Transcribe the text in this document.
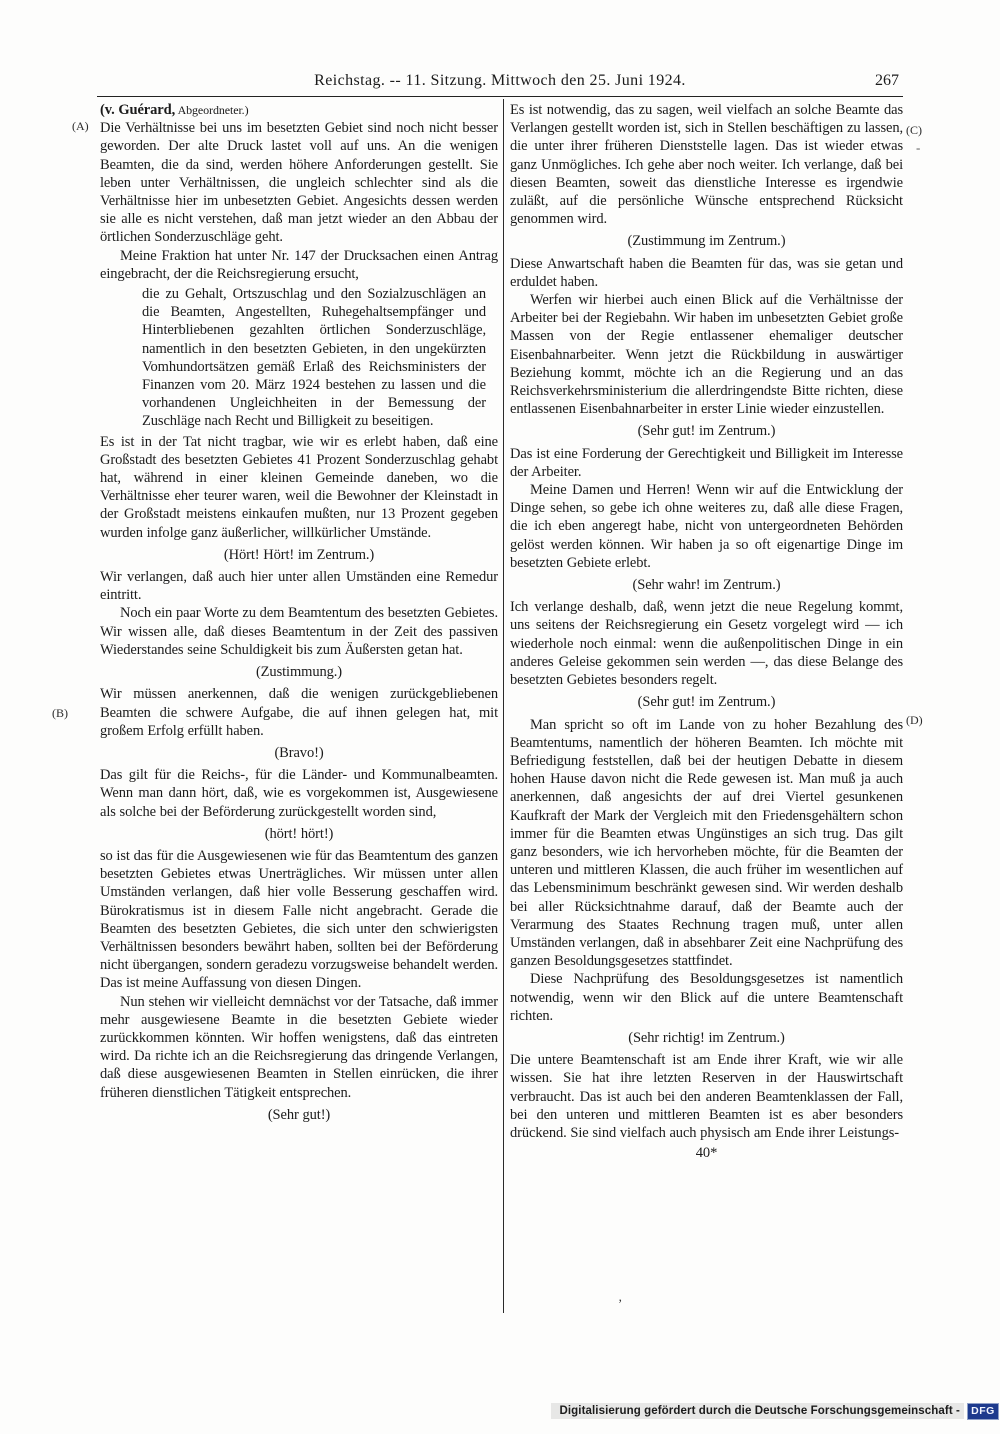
Reichstag. -- 11. Sitzung. Mittwoch den 25. Juni 1924.	267
(A)
(B)
(C)
(D)

(v. Guérard, Abgeordneter.)

Die Verhältnisse bei uns im besetzten Gebiet sind noch nicht besser geworden. Der alte Druck lastet voll auf uns. An die wenigen Beamten, die da sind, werden höhere Anforderungen gestellt. Sie leben unter Verhältnissen, die ungleich schlechter sind als die Verhältnisse hier im unbesetzten Gebiet. Angesichts dessen werden sie alle es nicht verstehen, daß man jetzt wieder an den Abbau der örtlichen Sonderzuschläge geht.

Meine Fraktion hat unter Nr. 147 der Drucksachen einen Antrag eingebracht, der die Reichsregierung ersucht,

die zu Gehalt, Ortszuschlag und den Sozialzuschlägen an die Beamten, Angestellten, Ruhegehaltsempfänger und Hinterbliebenen gezahlten örtlichen Sonderzuschläge, namentlich in den besetzten Gebieten, in den ungekürzten Vomhundortsätzen gemäß Erlaß des Reichsministers der Finanzen vom 20. März 1924 bestehen zu lassen und die vorhandenen Ungleichheiten in der Bemessung der Zuschläge nach Recht und Billigkeit zu beseitigen.

Es ist in der Tat nicht tragbar, wie wir es erlebt haben, daß eine Großstadt des besetzten Gebietes 41 Prozent Sonderzuschlag gehabt hat, während in einer kleinen Gemeinde daneben, wo die Verhältnisse eher teurer waren, weil die Bewohner der Kleinstadt in der Großstadt meistens einkaufen mußten, nur 13 Prozent gegeben wurden infolge ganz äußerlicher, willkürlicher Umstände.

(Hört! Hört! im Zentrum.)

Wir verlangen, daß auch hier unter allen Umständen eine Remedur eintritt.

Noch ein paar Worte zu dem Beamtentum des besetzten Gebietes. Wir wissen alle, daß dieses Beamtentum in der Zeit des passiven Wiederstandes seine Schuldigkeit bis zum Äußersten getan hat.

(Zustimmung.)

Wir müssen anerkennen, daß die wenigen zurückgebliebenen Beamten die schwere Aufgabe, die auf ihnen gelegen hat, mit großem Erfolg erfüllt haben.

(Bravo!)

Das gilt für die Reichs-, für die Länder- und Kommunalbeamten. Wenn man dann hört, daß, wie es vorgekommen ist, Ausgewiesene als solche bei der Beförderung zurückgestellt worden sind,

(hört! hört!)

so ist das für die Ausgewiesenen wie für das Beamtentum des ganzen besetzten Gebietes etwas Unerträgliches. Wir müssen unter allen Umständen verlangen, daß hier volle Besserung geschaffen wird. Bürokratismus ist in diesem Falle nicht angebracht. Gerade die Beamten des besetzten Gebietes, die sich unter den schwierigsten Verhältnissen besonders bewährt haben, sollten bei der Beförderung nicht übergangen, sondern geradezu vorzugsweise behandelt werden. Das ist meine Auffassung von diesen Dingen.

Nun stehen wir vielleicht demnächst vor der Tatsache, daß immer mehr ausgewiesene Beamte in die besetzten Gebiete wieder zurückkommen könnten. Wir hoffen wenigstens, daß das eintreten wird. Da richte ich an die Reichsregierung das dringende Verlangen, daß diese ausgewiesenen Beamten in Stellen einrücken, die ihrer früheren dienstlichen Tätigkeit entsprechen.

(Sehr gut!)

Es ist notwendig, das zu sagen, weil vielfach an solche Beamte das Verlangen gestellt worden ist, sich in Stellen beschäftigen zu lassen, die unter ihrer früheren Dienststelle lagen. Das ist wieder etwas ganz Unmögliches. Ich gehe aber noch weiter. Ich verlange, daß bei diesen Beamten, soweit das dienstliche Interesse es irgendwie zuläßt, auf die persönliche Wünsche entsprechend Rücksicht genommen wird.

(Zustimmung im Zentrum.)

Diese Anwartschaft haben die Beamten für das, was sie getan und erduldet haben.

Werfen wir hierbei auch einen Blick auf die Verhältnisse der Arbeiter bei der Regiebahn. Wir haben im unbesetzten Gebiet große Massen von der Regie entlassener ehemaliger deutscher Eisenbahnarbeiter. Wenn jetzt die Rückbildung in auswärtiger Beziehung kommt, möchte ich an die Regierung und an das Reichsverkehrsministerium die allerdringendste Bitte richten, diese entlassenen Eisenbahnarbeiter in erster Linie wieder einzustellen.

(Sehr gut! im Zentrum.)

Das ist eine Forderung der Gerechtigkeit und Billigkeit im Interesse der Arbeiter.

Meine Damen und Herren! Wenn wir auf die Entwicklung der Dinge sehen, so gebe ich ohne weiteres zu, daß alle diese Fragen, die ich eben angeregt habe, nicht von untergeordneten Behörden gelöst werden können. Wir haben ja so oft eigenartige Dinge im besetzten Gebiete erlebt.

(Sehr wahr! im Zentrum.)

Ich verlange deshalb, daß, wenn jetzt die neue Regelung kommt, uns seitens der Reichsregierung ein Gesetz vorgelegt wird — ich wiederhole noch einmal: wenn die außenpolitischen Dinge in ein anderes Geleise gekommen sein werden —, das diese Belange des besetzten Gebietes besonders regelt.

(Sehr gut! im Zentrum.)

Man spricht so oft im Lande von zu hoher Bezahlung des Beamtentums, namentlich der höheren Beamten. Ich möchte mit Befriedigung feststellen, daß bei der heutigen Debatte in diesem hohen Hause davon nicht die Rede gewesen ist. Man muß ja auch anerkennen, daß angesichts der auf drei Viertel gesunkenen Kaufkraft der Mark der Vergleich mit den Friedensgehältern schon immer für die Beamten etwas Ungünstiges an sich trug. Das gilt ganz besonders, wie ich hervorheben möchte, für die Beamten der unteren und mittleren Klassen, die auch früher im wesentlichen auf das Lebensminimum beschränkt gewesen sind. Wir werden deshalb bei aller Rücksichtnahme darauf, daß der Beamte auch der Verarmung des Staates Rechnung tragen muß, unter allen Umständen verlangen, daß in absehbarer Zeit eine Nachprüfung des ganzen Besoldungsgesetzes stattfindet.

Diese Nachprüfung des Besoldungsgesetzes ist namentlich notwendig, wenn wir den Blick auf die untere Beamtenschaft richten.

(Sehr richtig! im Zentrum.)

Die untere Beamtenschaft ist am Ende ihrer Kraft, wie wir alle wissen. Sie hat ihre letzten Reserven in der Hauswirtschaft verbraucht. Das ist auch bei den anderen Beamtenklassen der Fall, bei den unteren und mittleren Beamten ist es aber besonders drückend. Sie sind vielfach auch physisch am Ende ihrer Leistungs-

40*

’
-
Digitalisierung gefördert durch die Deutsche Forschungsgemeinschaft -	DFG
